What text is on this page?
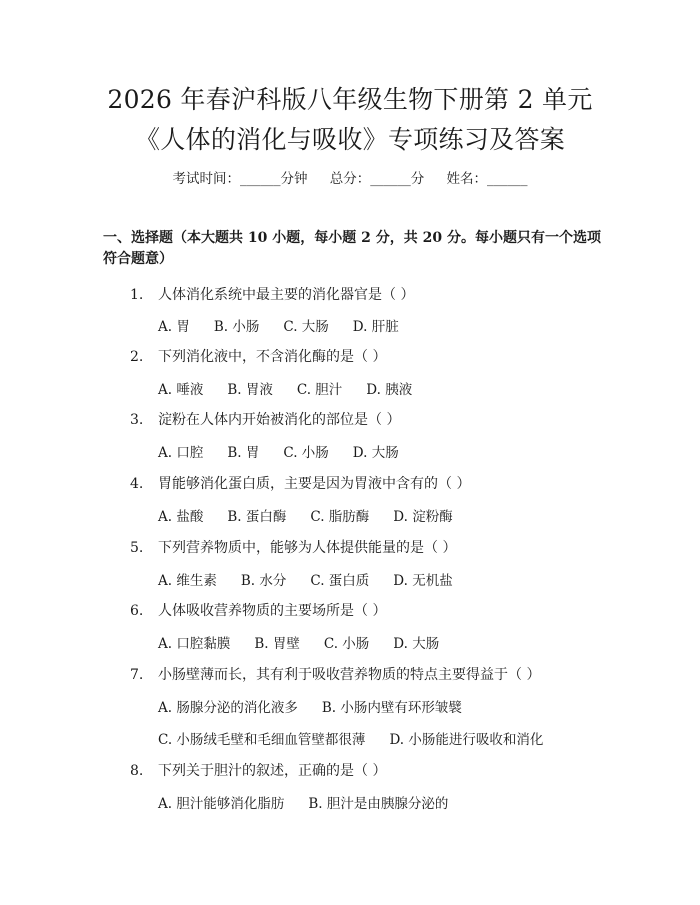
2026 年春沪科版八年级生物下册第 2 单元
《人体的消化与吸收》专项练习及答案
考试时间：______分钟 总分：______分 姓名：______
一、选择题（本大题共 10 小题，每小题 2 分，共 20 分。每小题只有一个选项符合题意）
1. 人体消化系统中最主要的消化器官是（ ）
A. 胃 B. 小肠 C. 大肠 D. 肝脏
2. 下列消化液中，不含消化酶的是（ ）
A. 唾液 B. 胃液 C. 胆汁 D. 胰液
3. 淀粉在人体内开始被消化的部位是（ ）
A. 口腔 B. 胃 C. 小肠 D. 大肠
4. 胃能够消化蛋白质，主要是因为胃液中含有的（ ）
A. 盐酸 B. 蛋白酶 C. 脂肪酶 D. 淀粉酶
5. 下列营养物质中，能够为人体提供能量的是（ ）
A. 维生素 B. 水分 C. 蛋白质 D. 无机盐
6. 人体吸收营养物质的主要场所是（ ）
A. 口腔黏膜 B. 胃壁 C. 小肠 D. 大肠
7. 小肠壁薄而长，其有利于吸收营养物质的特点主要得益于（ ）
A. 肠腺分泌的消化液多 B. 小肠内壁有环形皱襞
C. 小肠绒毛壁和毛细血管壁都很薄 D. 小肠能进行吸收和消化
8. 下列关于胆汁的叙述，正确的是（ ）
A. 胆汁能够消化脂肪 B. 胆汁是由胰腺分泌的
